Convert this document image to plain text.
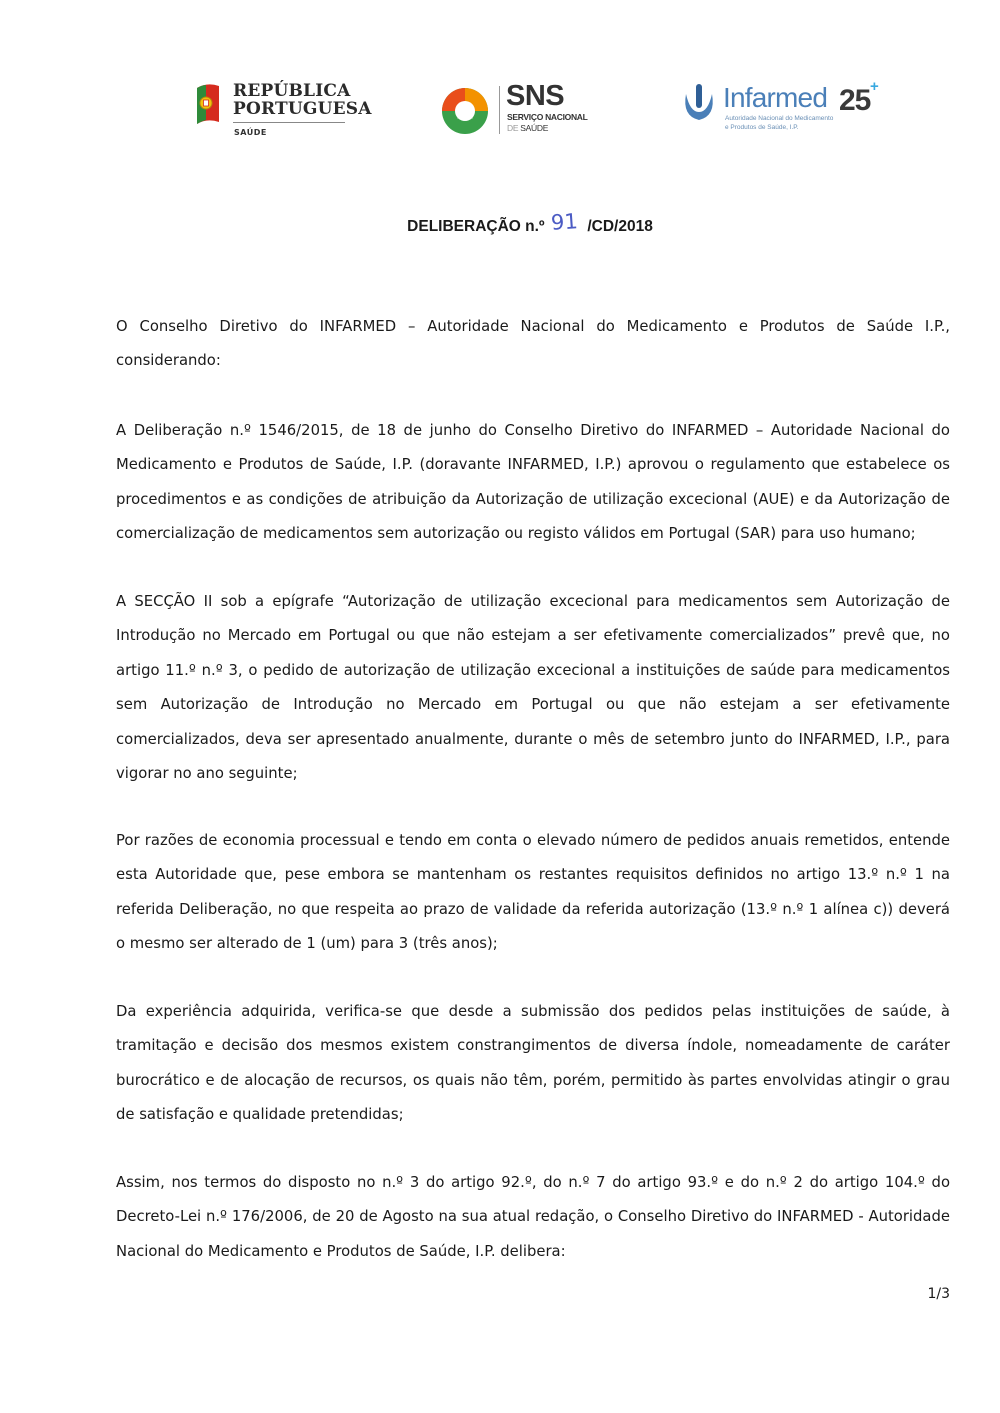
REPÚBLICA
PORTUGUESA
SAÚDE
SNS
SERVIÇO NACIONAL
DE SAÚDE
Infarmed 25 +
Autoridade Nacional do Medicamento
e Produtos de Saúde, I.P.
DELIBERAÇÃO n.º 91 /CD/2018
O Conselho Diretivo do INFARMED – Autoridade Nacional do Medicamento e Produtos de Saúde I.P., considerando:
A Deliberação n.º 1546/2015, de 18 de junho do Conselho Diretivo do INFARMED – Autoridade Nacional do Medicamento e Produtos de Saúde, I.P. (doravante INFARMED, I.P.) aprovou o regulamento que estabelece os procedimentos e as condições de atribuição da Autorização de utilização excecional (AUE) e da Autorização de comercialização de medicamentos sem autorização ou registo válidos em Portugal (SAR) para uso humano;
A SECÇÃO II sob a epígrafe “Autorização de utilização excecional para medicamentos sem Autorização de Introdução no Mercado em Portugal ou que não estejam a ser efetivamente comercializados” prevê que, no artigo 11.º n.º 3, o pedido de autorização de utilização excecional a instituições de saúde para medicamentos sem Autorização de Introdução no Mercado em Portugal ou que não estejam a ser efetivamente comercializados, deva ser apresentado anualmente, durante o mês de setembro junto do INFARMED, I.P., para vigorar no ano seguinte;
Por razões de economia processual e tendo em conta o elevado número de pedidos anuais remetidos, entende esta Autoridade que, pese embora se mantenham os restantes requisitos definidos no artigo 13.º n.º 1 na referida Deliberação, no que respeita ao prazo de validade da referida autorização (13.º n.º 1 alínea c)) deverá o mesmo ser alterado de 1 (um) para 3 (três anos);
Da experiência adquirida, verifica-se que desde a submissão dos pedidos pelas instituições de saúde, à tramitação e decisão dos mesmos existem constrangimentos de diversa índole, nomeadamente de caráter burocrático e de alocação de recursos, os quais não têm, porém, permitido às partes envolvidas atingir o grau de satisfação e qualidade pretendidas;
Assim, nos termos do disposto no n.º 3 do artigo 92.º, do n.º 7 do artigo 93.º e do n.º 2 do artigo 104.º do Decreto-Lei n.º 176/2006, de 20 de Agosto na sua atual redação, o Conselho Diretivo do INFARMED - Autoridade Nacional do Medicamento e Produtos de Saúde, I.P. delibera:
1/3
